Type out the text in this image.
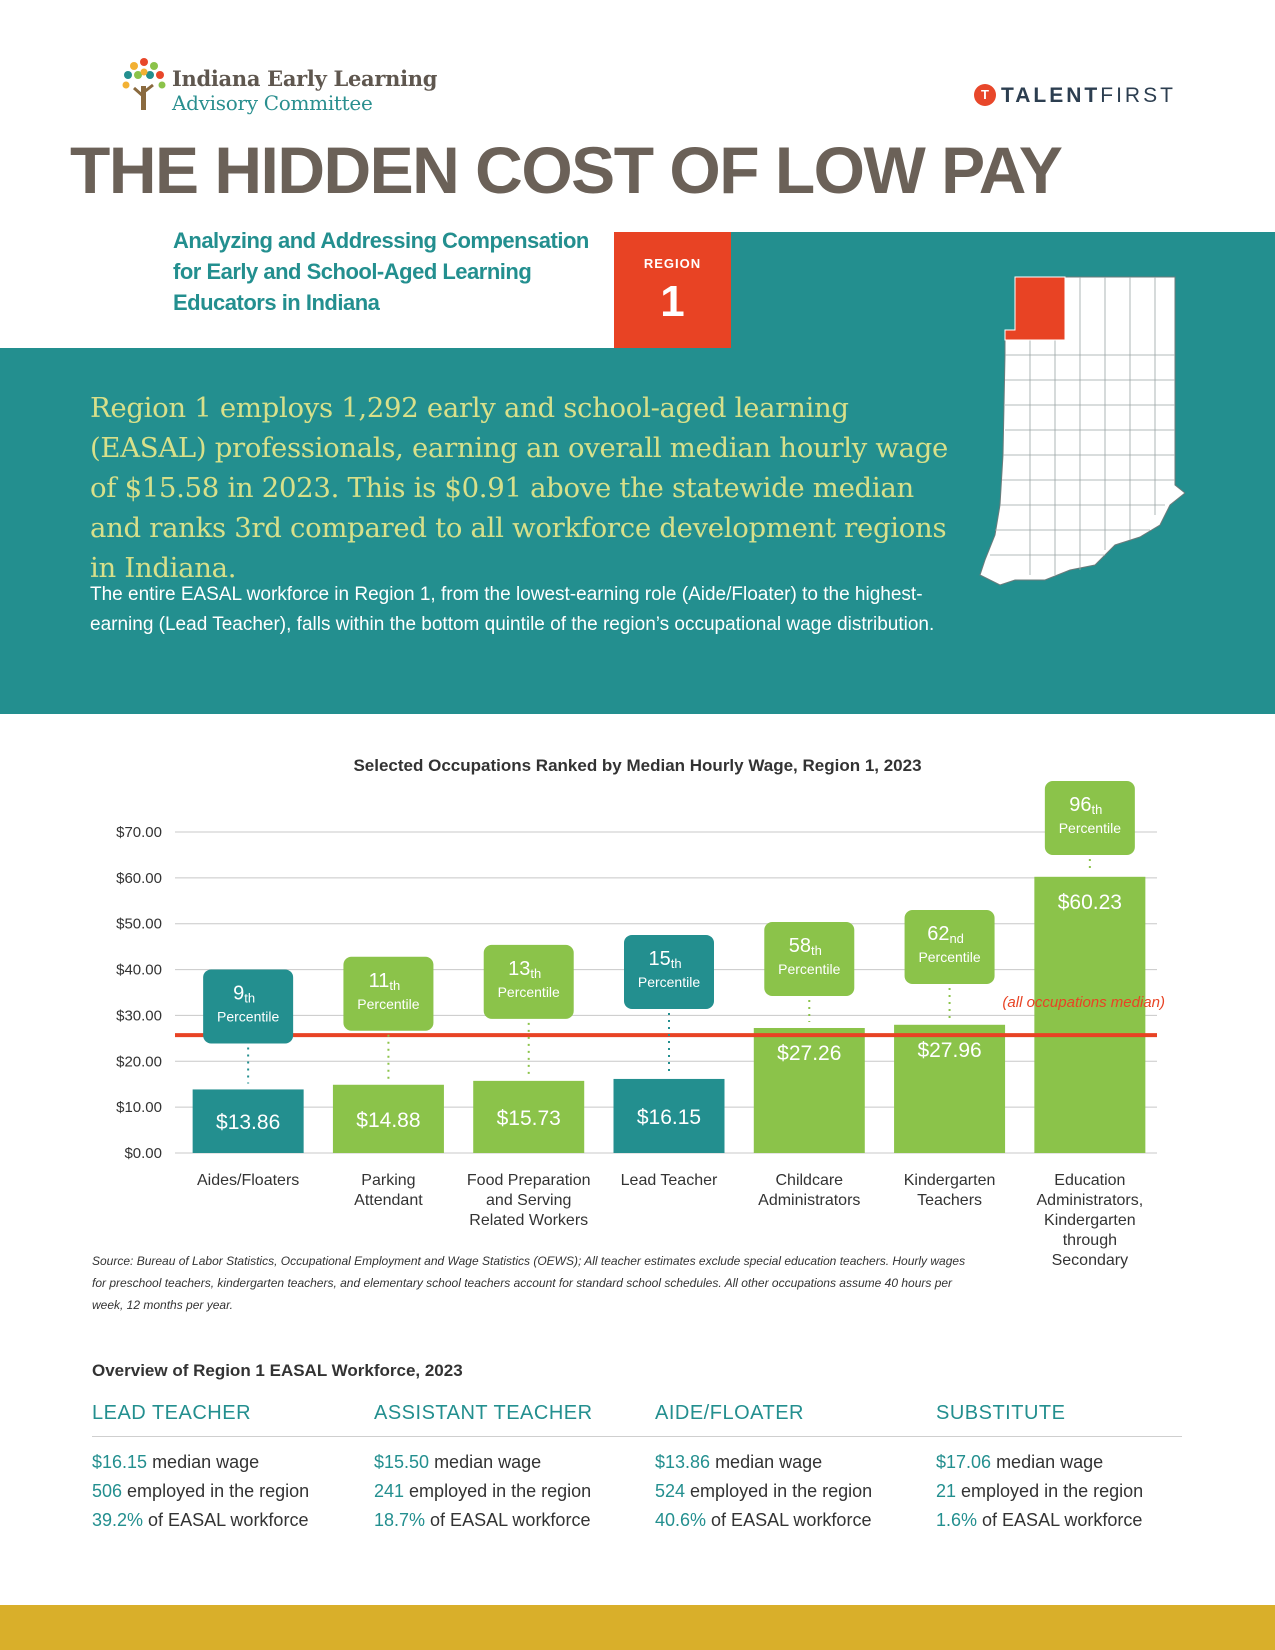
Indiana Early Learning
Advisory Committee	T TALENTFIRST
THE HIDDEN COST OF LOW PAY
Analyzing and Addressing Compensation for Early and School-Aged Learning Educators in Indiana
REGION
1
Region 1 employs 1,292 early and school-aged learning (EASAL) professionals, earning an overall median hourly wage of $15.58 in 2023. This is $0.91 above the statewide median and ranks 3rd compared to all workforce development regions in Indiana.
The entire EASAL workforce in Region 1, from the lowest-earning role (Aide/Floater) to the highest-earning (Lead Teacher), falls within the bottom quintile of the region’s occupational wage distribution.
Selected Occupations Ranked by Median Hourly Wage, Region 1, 2023
$0.00
$10.00
$20.00
$30.00
$40.00
$50.00
$60.00
$70.00
$13.86	$14.88	$15.73	$16.15
$27.26	$27.96
$60.23
(all occupations median)
9th
Percentile
11th
Percentile
13th
Percentile
15th
Percentile
58th
Percentile
62nd
Percentile
96th
Percentile
Aides/Floaters	Parking
Attendant
Food Preparation
and Serving
Related Workers
Lead Teacher	Childcare
Administrators
Kindergarten
Teachers
Education
Administrators,
Kindergarten
through
Secondary
Source: Bureau of Labor Statistics, Occupational Employment and Wage Statistics (OEWS); All teacher estimates exclude special education teachers. Hourly wages for preschool teachers, kindergarten teachers, and elementary school teachers account for standard school schedules. All other occupations assume 40 hours per week, 12 months per year.
Overview of Region 1 EASAL Workforce, 2023
LEAD TEACHER
$16.15 median wage
506 employed in the region
39.2% of EASAL workforce
ASSISTANT TEACHER
$15.50 median wage
241 employed in the region
18.7% of EASAL workforce
AIDE/FLOATER
$13.86 median wage
524 employed in the region
40.6% of EASAL workforce
SUBSTITUTE
$17.06 median wage
21 employed in the region
1.6% of EASAL workforce
